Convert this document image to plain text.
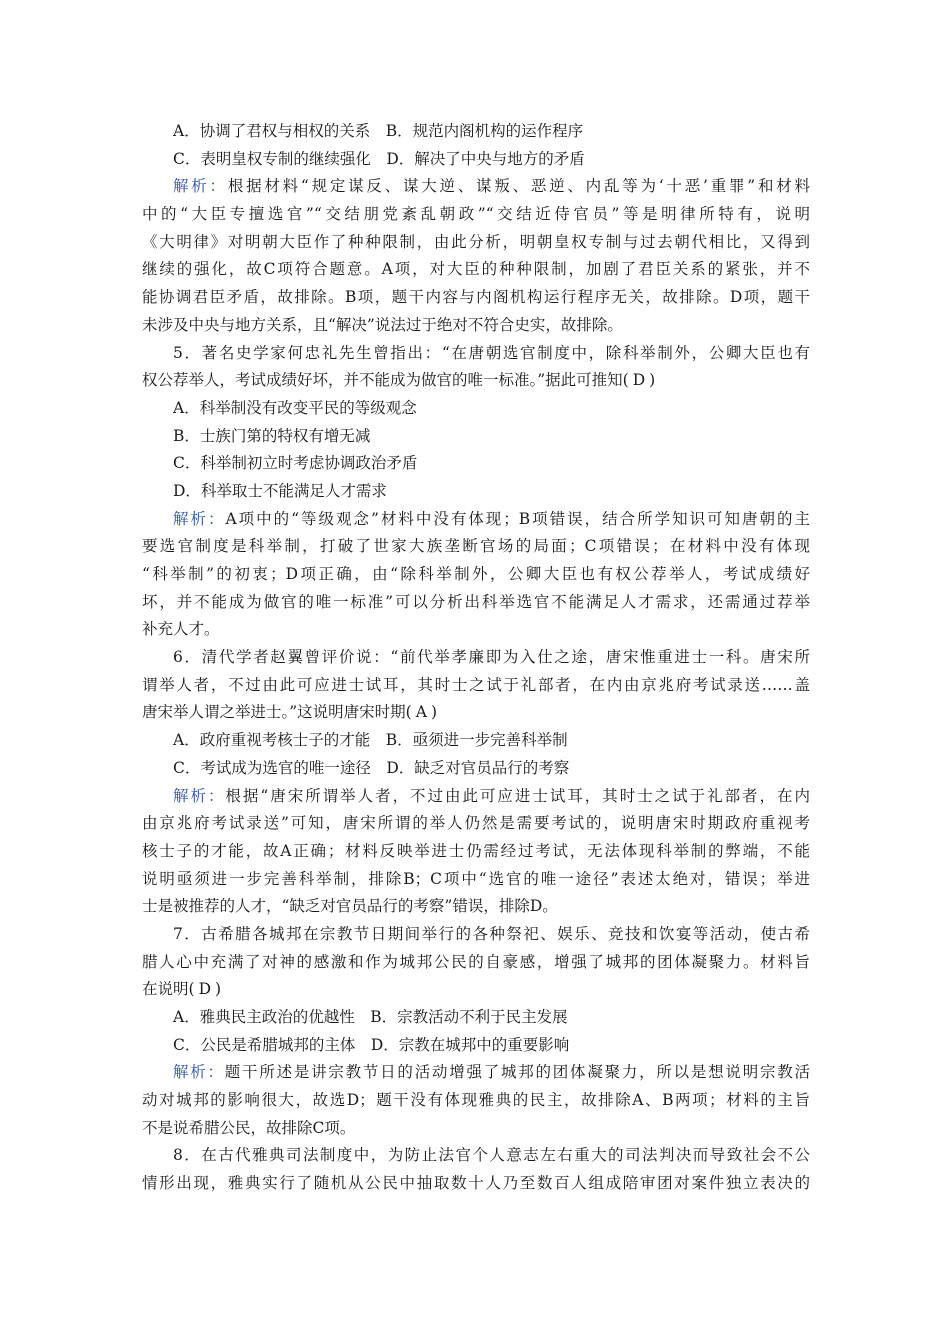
A．协调了君权与相权的关系　B．规范内阁机构的运作程序
C．表明皇权专制的继续强化　D．解决了中央与地方的矛盾
解析：根据材料“规定谋反、谋大逆、谋叛、恶逆、内乱等为‘十恶’重罪”和材料
中的“大臣专擅选官”“交结朋党紊乱朝政”“交结近侍官员”等是明律所特有，说明
《大明律》对明朝大臣作了种种限制，由此分析，明朝皇权专制与过去朝代相比，又得到
继续的强化，故C项符合题意。A项，对大臣的种种限制，加剧了君臣关系的紧张，并不
能协调君臣矛盾，故排除。B项，题干内容与内阁机构运行程序无关，故排除。D项，题干
未涉及中央与地方关系，且“解决”说法过于绝对不符合史实，故排除。
5．著名史学家何忠礼先生曾指出：“在唐朝选官制度中，除科举制外，公卿大臣也有
权公荐举人，考试成绩好坏，并不能成为做官的唯一标准。”据此可推知( D )
A．科举制没有改变平民的等级观念
B．士族门第的特权有增无减
C．科举制初立时考虑协调政治矛盾
D．科举取士不能满足人才需求
解析：A项中的“等级观念”材料中没有体现；B项错误，结合所学知识可知唐朝的主
要选官制度是科举制，打破了世家大族垄断官场的局面；C项错误；在材料中没有体现
“科举制”的初衷；D项正确，由“除科举制外，公卿大臣也有权公荐举人，考试成绩好
坏，并不能成为做官的唯一标准”可以分析出科举选官不能满足人才需求，还需通过荐举
补充人才。
6．清代学者赵翼曾评价说：“前代举孝廉即为入仕之途，唐宋惟重进士一科。唐宋所
谓举人者，不过由此可应进士试耳，其时士之试于礼部者，在内由京兆府考试录送……盖
唐宋举人谓之举进士。”这说明唐宋时期( A )
A．政府重视考核士子的才能　B．亟须进一步完善科举制
C．考试成为选官的唯一途径　D．缺乏对官员品行的考察
解析：根据“唐宋所谓举人者，不过由此可应进士试耳，其时士之试于礼部者，在内
由京兆府考试录送”可知，唐宋所谓的举人仍然是需要考试的，说明唐宋时期政府重视考
核士子的才能，故A正确；材料反映举进士仍需经过考试，无法体现科举制的弊端，不能
说明亟须进一步完善科举制，排除B；C项中“选官的唯一途径”表述太绝对，错误；举进
士是被推荐的人才，“缺乏对官员品行的考察”错误，排除D。
7．古希腊各城邦在宗教节日期间举行的各种祭祀、娱乐、竞技和饮宴等活动，使古希
腊人心中充满了对神的感激和作为城邦公民的自豪感，增强了城邦的团体凝聚力。材料旨
在说明( D )
A．雅典民主政治的优越性　B．宗教活动不利于民主发展
C．公民是希腊城邦的主体　D．宗教在城邦中的重要影响
解析：题干所述是讲宗教节日的活动增强了城邦的团体凝聚力，所以是想说明宗教活
动对城邦的影响很大，故选D；题干没有体现雅典的民主，故排除A、B两项；材料的主旨
不是说希腊公民，故排除C项。
8．在古代雅典司法制度中，为防止法官个人意志左右重大的司法判决而导致社会不公
情形出现，雅典实行了随机从公民中抽取数十人乃至数百人组成陪审团对案件独立表决的
